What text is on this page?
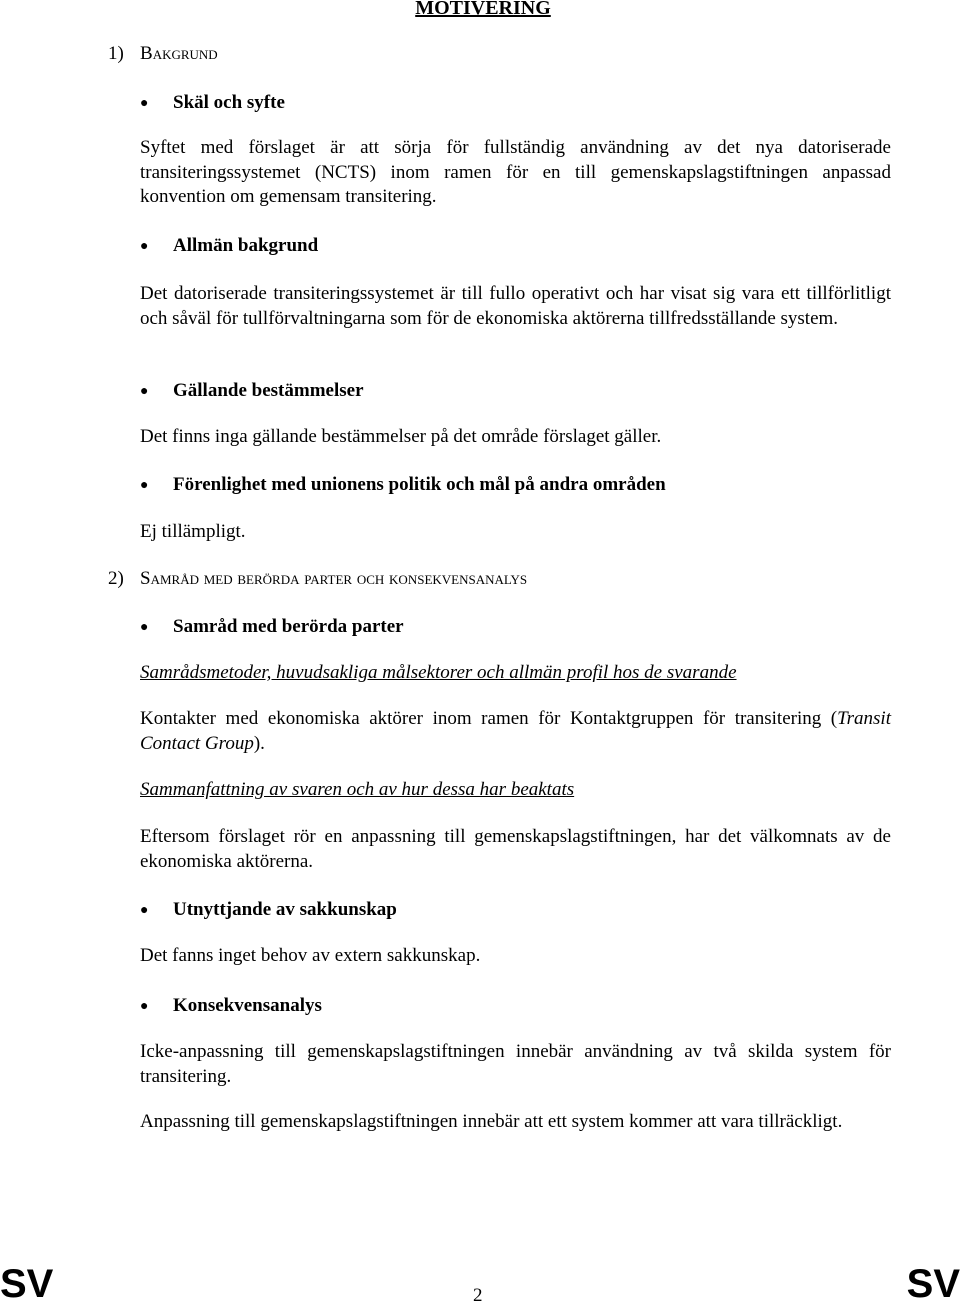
MOTIVERING
1) Bakgrund

● Skäl och syfte

Syftet med förslaget är att sörja för fullständig användning av det nya datoriserade transiteringssystemet (NCTS) inom ramen för en till gemenskapslagstiftningen anpassad konvention om gemensam transitering.

● Allmän bakgrund

Det datoriserade transiteringssystemet är till fullo operativt och har visat sig vara ett tillförlitligt och såväl för tullförvaltningarna som för de ekonomiska aktörerna tillfredsställande system.

● Gällande bestämmelser

Det finns inga gällande bestämmelser på det område förslaget gäller.

● Förenlighet med unionens politik och mål på andra områden

Ej tillämpligt.

2) Samråd med berörda parter och konsekvensanalys

● Samråd med berörda parter

Samrådsmetoder, huvudsakliga målsektorer och allmän profil hos de svarande

Kontakter med ekonomiska aktörer inom ramen för Kontaktgruppen för transitering (Transit Contact Group).

Sammanfattning av svaren och av hur dessa har beaktats

Eftersom förslaget rör en anpassning till gemenskapslagstiftningen, har det välkomnats av de ekonomiska aktörerna.

● Utnyttjande av sakkunskap

Det fanns inget behov av extern sakkunskap.

● Konsekvensanalys

Icke-anpassning till gemenskapslagstiftningen innebär användning av två skilda system för transitering.

Anpassning till gemenskapslagstiftningen innebär att ett system kommer att vara tillräckligt.

SV	2	SV
